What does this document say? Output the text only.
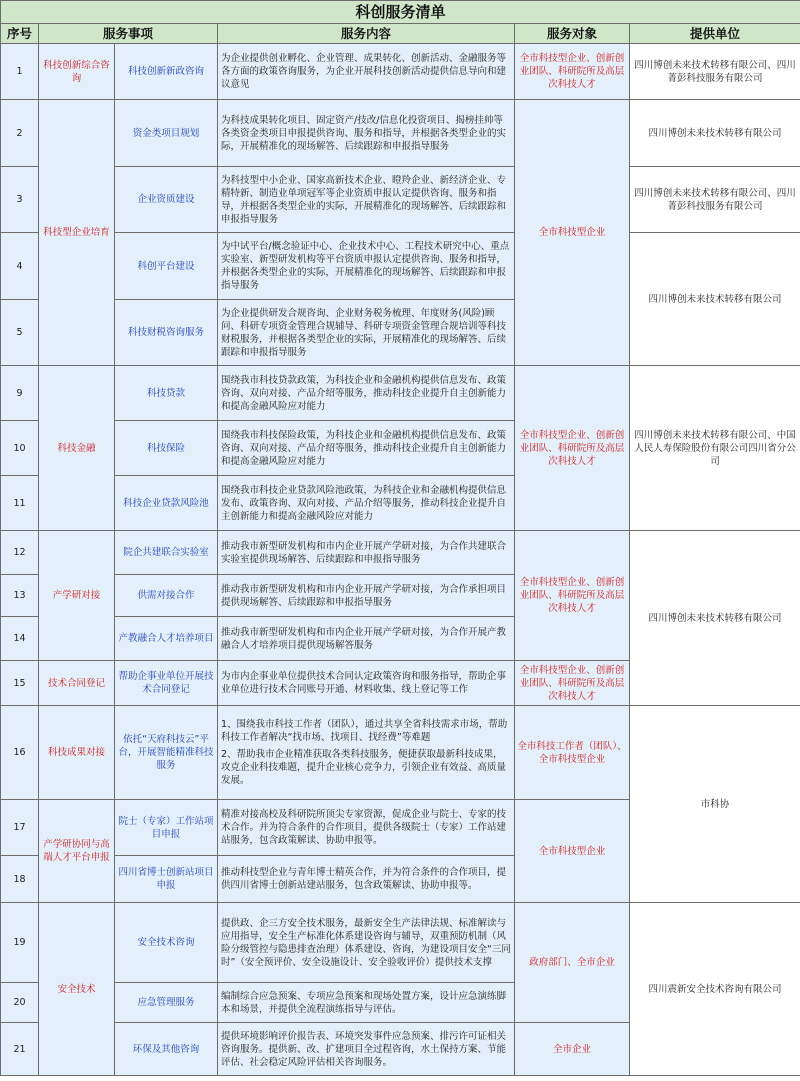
科创服务清单					
序号	服务事项		服务内容	服务对象	提供单位
1	科技创新综合咨询	科技创新新政咨询	为企业提供创业孵化、企业管理、成果转化、创新活动、金融服务等各方面的政策咨询服务，为企业开展科技创新活动提供信息导向和建议意见	全市科技型企业、创新创业团队、科研院所及高层次科技人才	四川博创未来技术转移有限公司、四川菁彭科技服务有限公司
2	科技型企业培育	资金类项目规划	为科技成果转化项目、固定资产/技改/信息化投资项目、揭榜挂帅等各类资金类项目申报提供咨询、服务和指导，并根据各类型企业的实际，开展精准化的现场解答、后续跟踪和申报指导服务	全市科技型企业	四川博创未来技术转移有限公司
3		企业资质建设	为科技型中小企业、国家高新技术企业、瞪羚企业、新经济企业、专精特新、制造业单项冠军等企业资质申报认定提供咨询、服务和指导，并根据各类型企业的实际，开展精准化的现场解答、后续跟踪和申报指导服务		四川博创未来技术转移有限公司、四川菁彭科技服务有限公司
4		科创平台建设	为中试平台/概念验证中心、企业技术中心、工程技术研究中心、重点实验室、新型研发机构等平台资质申报认定提供咨询、服务和指导，并根据各类型企业的实际，开展精准化的现场解答、后续跟踪和申报指导服务		四川博创未来技术转移有限公司
5		科技财税咨询服务	为企业提供研发合规咨询、企业财务税务梳理、年度财务(风险)顾问、科研专项资金管理合规辅导、科研专项资金管理合规培训等科技财税服务，并根据各类型企业的实际，开展精准化的现场解答、后续跟踪和申报指导服务		
9	科技金融	科技贷款	围绕我市科技贷款政策，为科技企业和金融机构提供信息发布、政策咨询、双向对接、产品介绍等服务，推动科技企业提升自主创新能力和提高金融风险应对能力	全市科技型企业、创新创业团队、科研院所及高层次科技人才	四川博创未来技术转移有限公司、中国人民人寿保险股份有限公司四川省分公司
10		科技保险	围绕我市科技保险政策，为科技企业和金融机构提供信息发布、政策咨询、双向对接、产品介绍等服务，推动科技企业提升自主创新能力和提高金融风险应对能力		
11		科技企业贷款风险池	围绕我市科技企业贷款风险池政策，为科技企业和金融机构提供信息发布、政策咨询、双向对接、产品介绍等服务，推动科技企业提升自主创新能力和提高金融风险应对能力		
12	产学研对接	院企共建联合实验室	推动我市新型研发机构和市内企业开展产学研对接，为合作共建联合实验室提供现场解答、后续跟踪和申报指导服务	全市科技型企业、创新创业团队、科研院所及高层次科技人才	四川博创未来技术转移有限公司
13		供需对接合作	推动我市新型研发机构和市内企业开展产学研对接，为合作承担项目提供现场解答、后续跟踪和申报指导服务		
14		产教融合人才培养项目	推动我市新型研发机构和市内企业开展产学研对接，为合作开展产教融合人才培养项目提供现场解答服务		
15	技术合同登记	帮助企事业单位开展技术合同登记	为市内企事业单位提供技术合同认定政策咨询和服务指导，帮助企事业单位进行技术合同账号开通、材料收集、线上登记等工作	全市科技型企业、创新创业团队、科研院所及高层次科技人才	
16	科技成果对接	依托“天府科技云”平台，开展智能精准科技服务	1、围绕我市科技工作者（团队），通过共享全省科技需求市场，帮助科技工作者解决“找市场、找项目、找经费”等难题
2、帮助我市企业精准获取各类科技服务，便捷获取最新科技成果，攻克企业科技难题，提升企业核心竞争力，引领企业有效益、高质量发展。	全市科技工作者（团队）、全市科技型企业	市科协
17	产学研协同与高端人才平台申报	院士（专家）工作站项目申报	精准对接高校及科研院所顶尖专家资源，促成企业与院士、专家的技术合作。并为符合条件的合作项目，提供各级院士（专家）工作站建站服务，包含政策解读、协助申报等。	全市科技型企业	
18		四川省博士创新站项目申报	推动科技型企业与青年博士精英合作，并为符合条件的合作项目，提供四川省博士创新站建站服务，包含政策解读、协助申报等。		
19	安全技术	安全技术咨询	提供政、企三方安全技术服务，最新安全生产法律法规、标准解读与应用指导，安全生产标准化体系建设咨询与辅导，双重预防机制（风险分级管控与隐患排查治理）体系建设、咨询，为建设项目安全“三同时”（安全预评价、安全设施设计、安全验收评价）提供技术支撑	政府部门、全市企业	四川震新安全技术咨询有限公司
20		应急管理服务	编制综合应急预案、专项应急预案和现场处置方案，设计应急演练脚本和场景，并提供全流程演练指导与评估。		
21		环保及其他咨询	提供环境影响评价报告表、环境突发事件应急预案、排污许可证相关咨询服务。提供新、改、扩建项目全过程咨询，水土保持方案、节能评估、社会稳定风险评估相关咨询服务。	全市企业	
